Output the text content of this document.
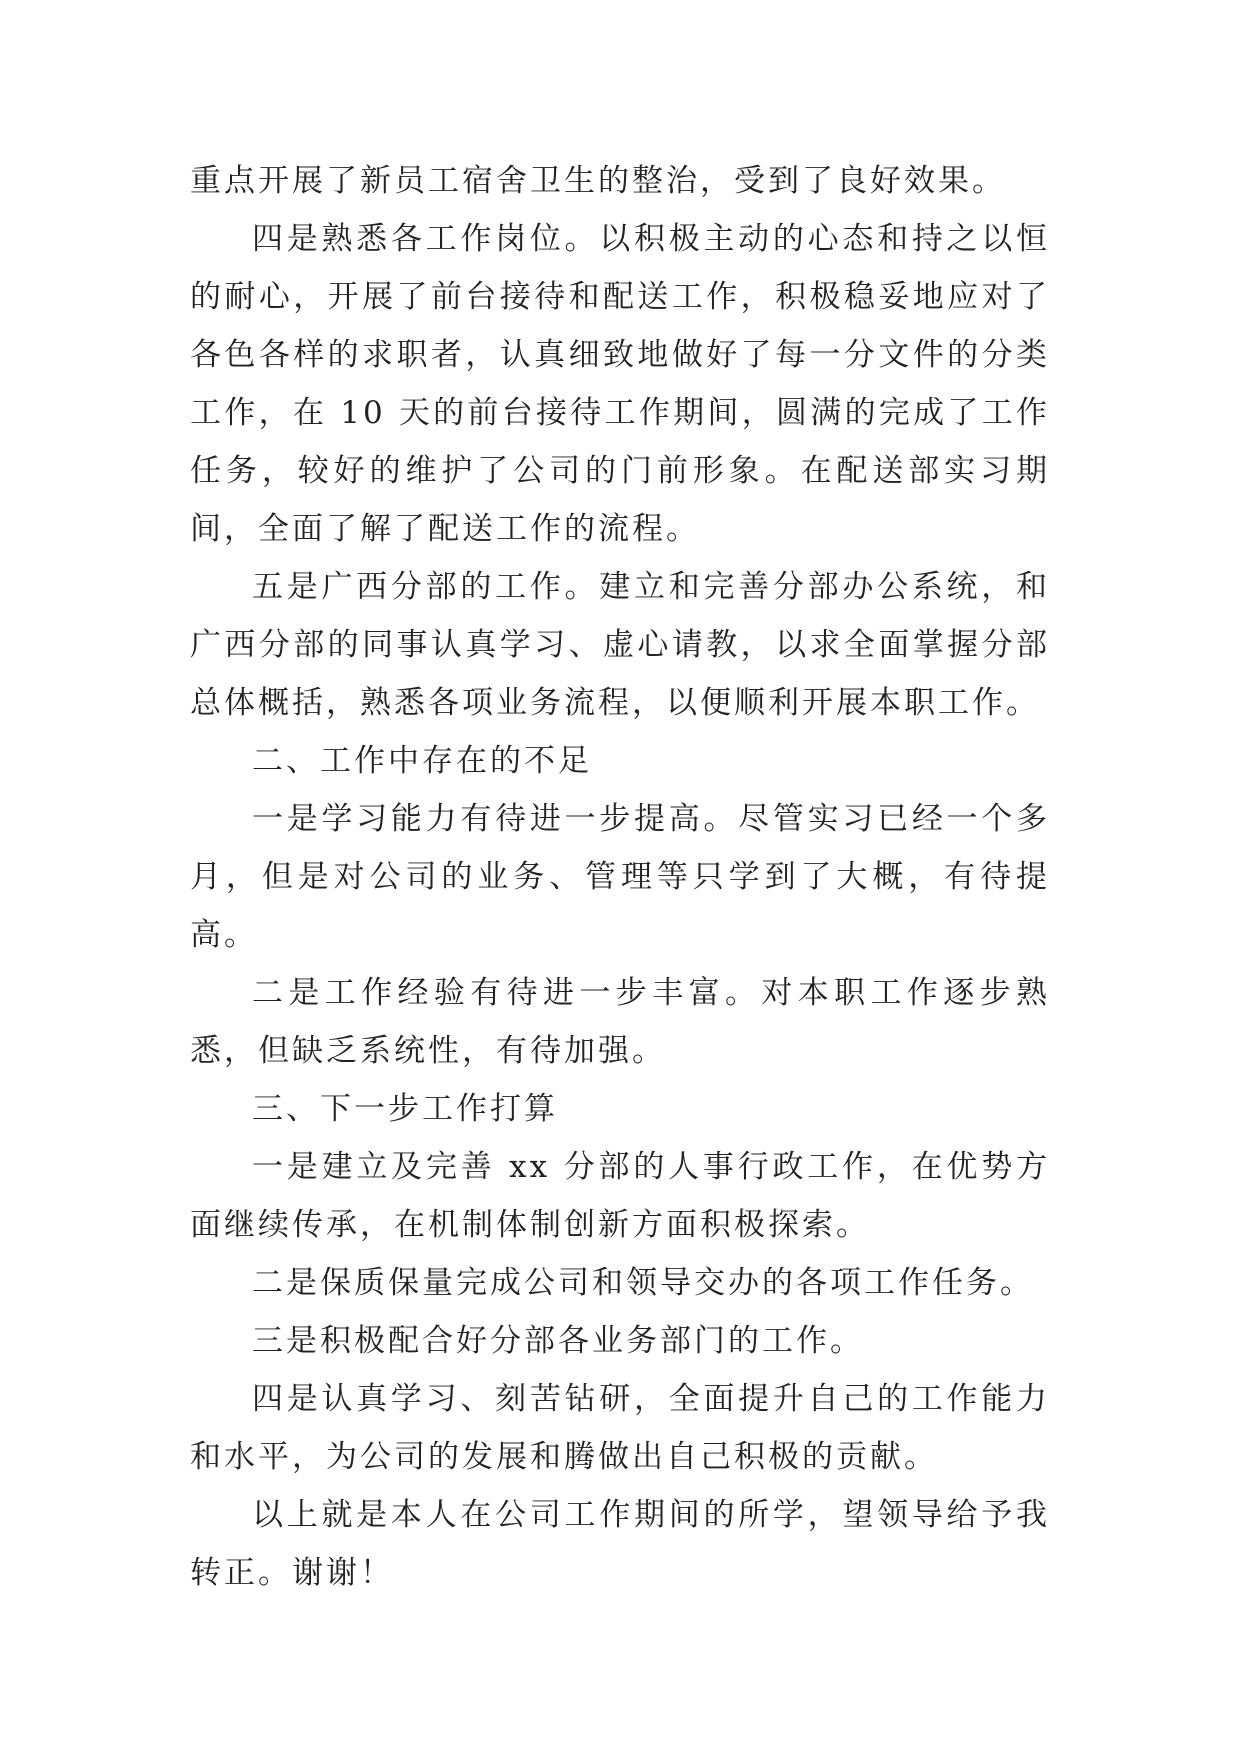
重点开展了新员工宿舍卫生的整治，受到了良好效果。

四是熟悉各工作岗位。以积极主动的心态和持之以恒的耐心，开展了前台接待和配送工作，积极稳妥地应对了各色各样的求职者，认真细致地做好了每一分文件的分类工作，在 10 天的前台接待工作期间，圆满的完成了工作任务，较好的维护了公司的门前形象。在配送部实习期间，全面了解了配送工作的流程。

五是广西分部的工作。建立和完善分部办公系统，和广西分部的同事认真学习、虚心请教，以求全面掌握分部总体概括，熟悉各项业务流程，以便顺利开展本职工作。

二、工作中存在的不足

一是学习能力有待进一步提高。尽管实习已经一个多月，但是对公司的业务、管理等只学到了大概，有待提高。

二是工作经验有待进一步丰富。对本职工作逐步熟悉，但缺乏系统性，有待加强。

三、下一步工作打算

一是建立及完善 xx 分部的人事行政工作，在优势方面继续传承，在机制体制创新方面积极探索。

二是保质保量完成公司和领导交办的各项工作任务。

三是积极配合好分部各业务部门的工作。

四是认真学习、刻苦钻研，全面提升自己的工作能力和水平，为公司的发展和腾做出自己积极的贡献。

以上就是本人在公司工作期间的所学，望领导给予我转正。谢谢！
